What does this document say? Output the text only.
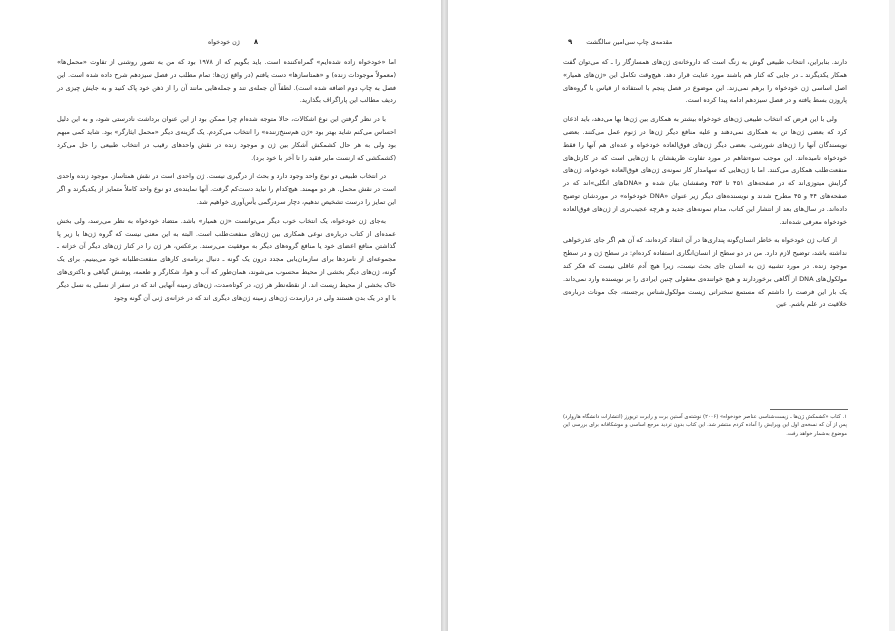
۸
ژن خودخواه

اما «خودخواه زاده شده‌ایم» گمراه‌کننده است. باید بگویم که از ۱۹۷۸ بود که من به تصور روشنی از تفاوت «محمل‌ها» (معمولاً موجودات زنده) و «همتاسازها» دست یافتم (در واقع ژن‌ها: تمام مطلب در فصل سیزدهم شرح داده شده است. این فصل به چاپ دوم اضافه شده است). لطفاً آن جمله‌ی تند و جمله‌هایی مانند آن را از ذهن خود پاک کنید و به جایش چیزی در ردیف مطالب این پاراگراف بگذارید.

با در نظر گرفتن این نوع اشکالات، حالا متوجه شده‌ام چرا ممکن بود از این عنوان برداشت نادرستی شود، و به این دلیل احساس می‌کنم شاید بهتر بود «ژن هم‌سنخ‌زننده» را انتخاب می‌کردم. یک گزینه‌ی دیگر «محمل ایثارگر» بود. شاید کمی مبهم بود ولی به هر حال کشمکش آشکار بین ژن و موجود زنده در نقش واحدهای رقیب در انتخاب طبیعی را حل می‌کرد (کشمکشی که ارنست مایر فقید را تا آخر با خود برد).

در انتخاب طبیعی دو نوع واحد وجود دارد و بحث از درگیری نیست. ژن واحدی است در نقش همتاساز. موجود زنده واحدی است در نقش محمل. هر دو مهمند. هیچ‌کدام را نباید دست‌کم گرفت. آنها نماینده‌ی دو نوع واحد کاملاً متمایز از یکدیگرند و اگر این تمایز را درست تشخیص ندهیم، دچار سردرگمی یأس‌آوری خواهیم شد.

به‌جای ژن خودخواه، یک انتخاب خوب دیگر می‌توانست «ژن همیار» باشد. متضاد خودخواه به نظر می‌رسد، ولی بخش عمده‌ای از کتاب درباره‌ی نوعی همکاری بین ژن‌های منفعت‌طلب است. البته به این معنی نیست که گروه ژن‌ها با زیر پا گذاشتن منافع اعضای خود یا منافع گروه‌های دیگر به موفقیت می‌رسند. برعکس، هر ژن را در کنار ژن‌های دیگر آن خزانه ـ مجموعه‌ای از نامزدها برای سازمان‌یابی مجدد درون یک گونه ـ دنبال برنامه‌ی کارهای منفعت‌طلبانه خود می‌بینیم. برای یک گونه، ژن‌های دیگر بخشی از محیط محسوب می‌شوند، همان‌طور که آب و هوا، شکارگر و طعمه، پوشش گیاهی و باکتری‌های خاک بخشی از محیط زیست اند. از نقطه‌نظر هر ژن، در کوتاه‌مدت، ژن‌های زمینه آنهایی اند که در سفر از نسلی به نسل دیگر با او در یک بدن هستند ولی در درازمدت ژن‌های زمینه ژن‌های دیگری اند که در خزانه‌ی ژنی آن گونه وجود

مقدمه‌ی چاپ سی‌امین سالگشت
۹

دارند. بنابراین، انتخاب طبیعی گوش به زنگ است که داروخانه‌ی ژن‌های همسازگار را ـ که می‌توان گفت همکار یکدیگرند ـ در جایی که کنار هم باشند مورد عنایت قرار دهد. هیچ‌وقت تکامل این «ژن‌های همیار» اصل اساسی ژن خودخواه را برهم نمی‌زند. این موضوع در فصل پنجم با استفاده از قیاس با گروه‌های پاروزن بسط یافته و در فصل سیزدهم ادامه پیدا کرده است.

ولی با این فرض که انتخاب طبیعی ژن‌های خودخواه بیشتر به همکاری بین ژن‌ها بها می‌دهد، باید اذعان کرد که بعضی ژن‌ها تن به همکاری نمی‌دهند و علیه منافع دیگر ژن‌ها در ژنوم عمل می‌کنند. بعضی نویسندگان آنها را ژن‌های شورشی، بعضی دیگر ژن‌های فوق‌العاده خودخواه و عده‌ای هم آنها را فقط خودخواه نامیده‌اند. این موجب سوءتفاهم در مورد تفاوت ظریفشان با ژن‌هایی است که در کارتل‌های منفعت‌طلب همکاری می‌کنند. اما با ژن‌هایی که سهامدار کار نمونه‌ی ژن‌های فوق‌العاده خودخواه، ژن‌های گرایش میتوزی‌اند که در صفحه‌های ۴۵۱ تا ۴۵۳ وصفشان بیان شده و «DNAهای انگلی»اند که در صفحه‌های ۴۴ و ۴۵ مطرح شدند و نویسنده‌های دیگر زیر عنوان «DNA خودخواه» در موردشان توضیح داده‌اند. در سال‌های بعد از انتشار این کتاب، مدام نمونه‌های جدید و هرچه عجیب‌تری از ژن‌های فوق‌العاده خودخواه معرفی شده‌اند.

از کتاب ژن خودخواه به خاطر انسان‌گونه پنداری‌ها در آن انتقاد کرده‌اند، که آن هم اگر جای عذرخواهی نداشته باشد، توضیح لازم دارد. من در دو سطح از انسان‌انگاری استفاده کرده‌ام: در سطح ژن و در سطح موجود زنده. در مورد تشبیه ژن به انسان جای بحث نیست، زیرا هیچ آدم عاقلی نیست که فکر کند مولکول‌های DNA از آگاهی برخوردارند و هیچ خواننده‌ی معقولی چنین ایرادی را بر نویسنده وارد نمی‌داند. یک بار این فرصت را داشتم که مستمع سخنرانی زیست مولکول‌شناس برجسته، جک مونات درباره‌ی خلاقیت در علم باشم. عین

۱. کتاب «کشمکش ژن‌ها ـ زیست‌شناسی عناصر خودخواه» (۲۰۰۶) نوشته‌ی آستین برت و رابرت تریورز (انتشارات دانشگاه هاروارد) پس از آن که نسخه‌ی اول این ویرایش را آماده کردم منتشر شد. این کتاب بدون تردید مرجع اساسی و موشکافانه برای بررسی این موضوع به‌شمار خواهد رفت.
